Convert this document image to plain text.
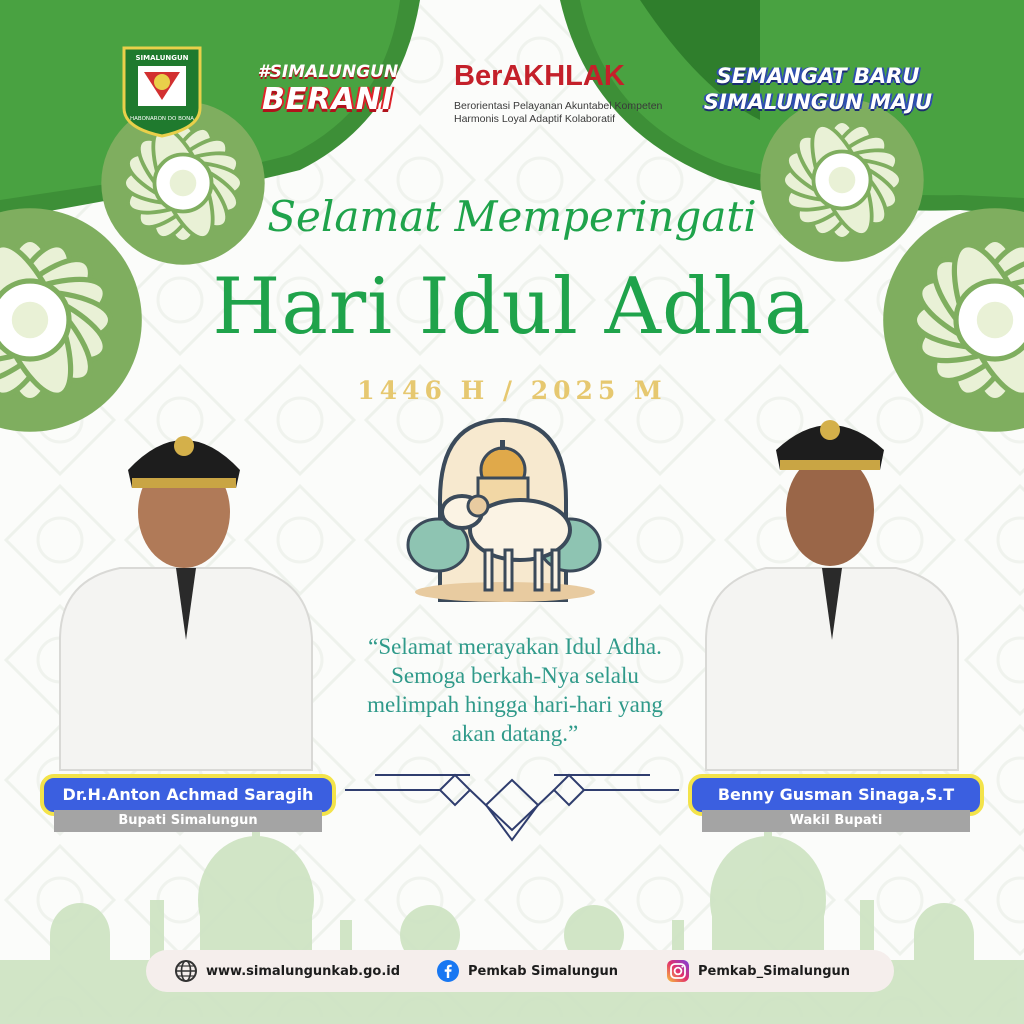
SIMALUNGUN
HABONARON DO BONA
#SIMALUNGUN
BERANI
BerAKHLAK
Berorientasi Pelayanan Akuntabel Kompeten
Harmonis Loyal Adaptif Kolaboratif
SEMANGAT BARU
SIMALUNGUN MAJU
Selamat Memperingati
Hari Idul Adha
1446 H / 2025 M
“Selamat merayakan Idul Adha.
Semoga berkah-Nya selalu
melimpah hingga hari-hari yang
akan datang.”
Dr.H.Anton Achmad Saragih
Bupati Simalungun
Benny Gusman Sinaga,S.T
Wakil Bupati
www.simalungunkab.go.id	Pemkab Simalungun	Pemkab_Simalungun
